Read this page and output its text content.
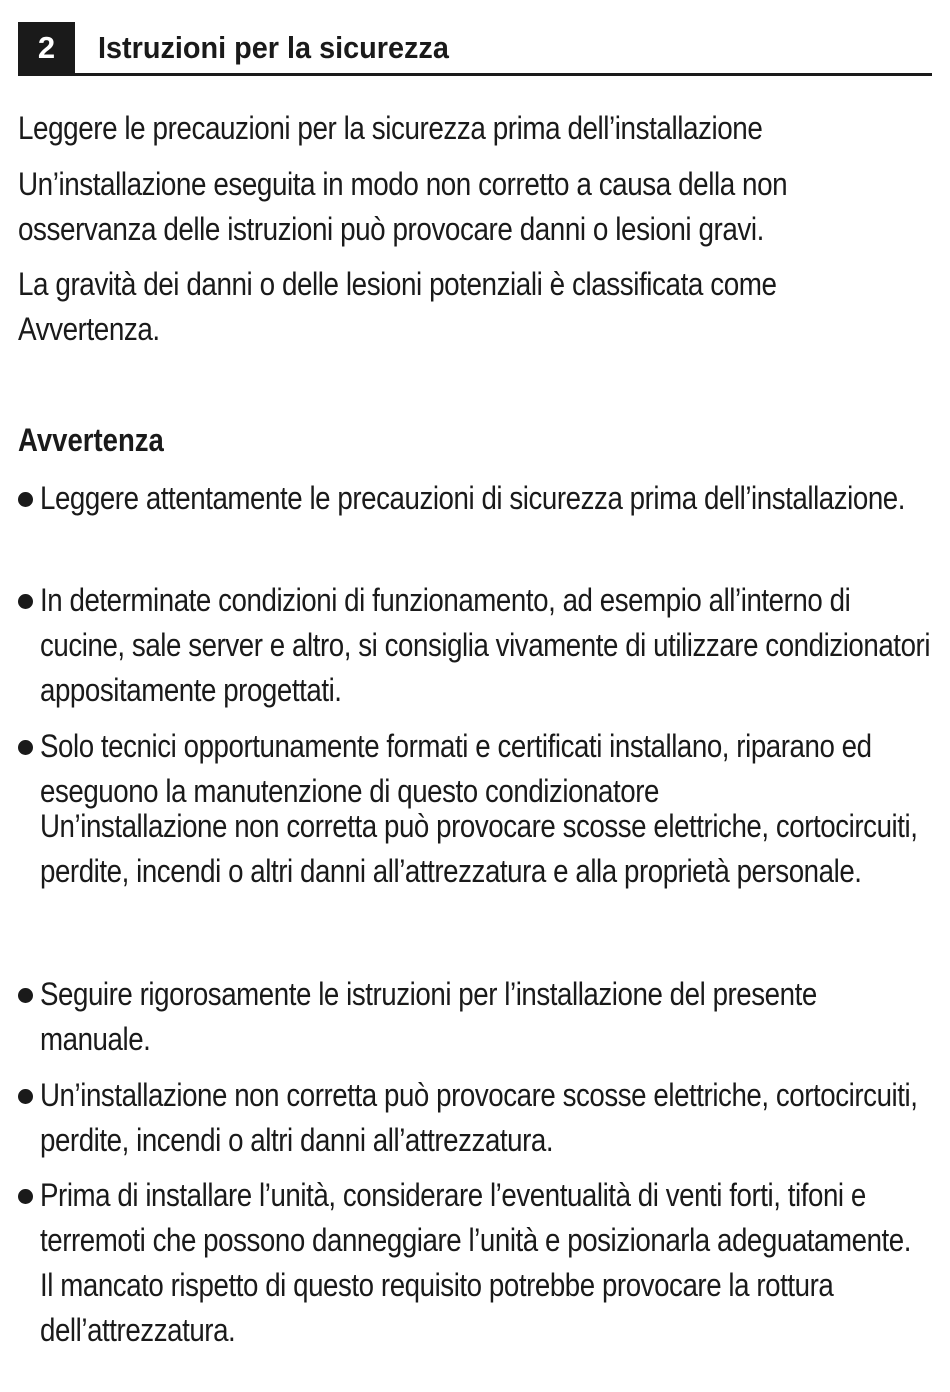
2	Istruzioni per la sicurezza

Leggere le precauzioni per la sicurezza prima dell’installazione

Un’installazione eseguita in modo non corretto a causa della non osservanza delle istruzioni può provocare danni o lesioni gravi.

La gravità dei danni o delle lesioni potenziali è classificata come Avvertenza.

Avvertenza

Leggere attentamente le precauzioni di sicurezza prima dell’installazione.

In determinate condizioni di funzionamento, ad esempio all’interno di cucine, sale server e altro, si consiglia vivamente di utilizzare condizionatori appositamente progettati.

Solo tecnici opportunamente formati e certificati installano, riparano ed eseguono la manutenzione di questo condizionatore

Un’installazione non corretta può provocare scosse elettriche, cortocircuiti, perdite, incendi o altri danni all’attrezzatura e alla proprietà personale.

Seguire rigorosamente le istruzioni per l’installazione del presente manuale.

Un’installazione non corretta può provocare scosse elettriche, cortocircuiti, perdite, incendi o altri danni all’attrezzatura.

Prima di installare l’unità, considerare l’eventualità di venti forti, tifoni e terremoti che possono danneggiare l’unità e posizionarla adeguatamente. Il mancato rispetto di questo requisito potrebbe provocare la rottura dell’attrezzatura.
